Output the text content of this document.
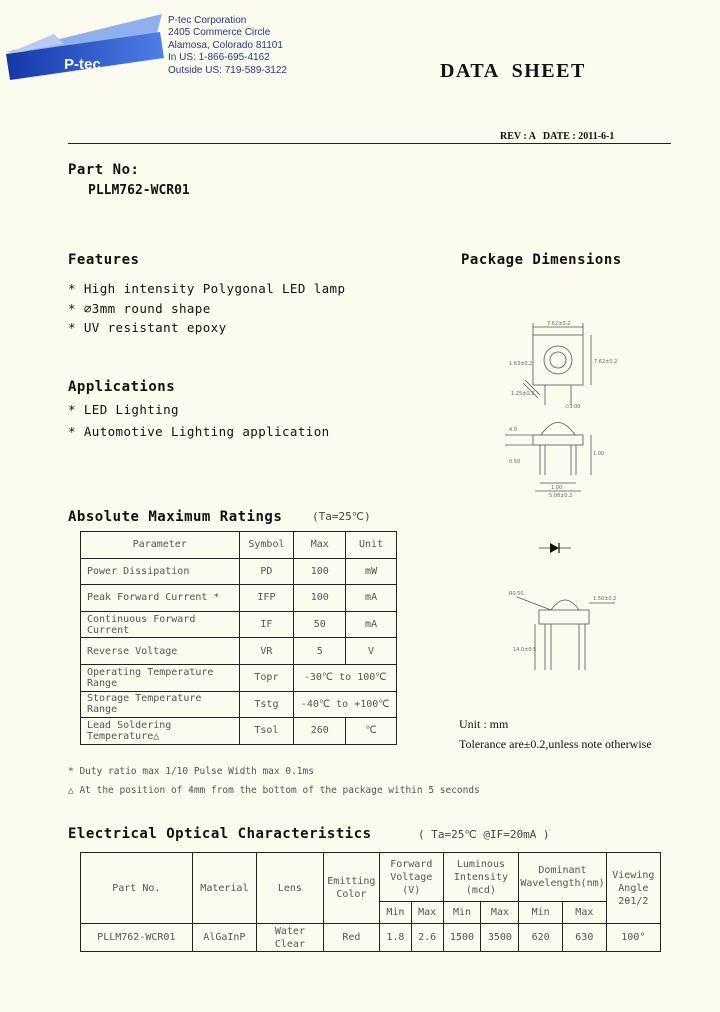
P-tec
P-tec Corporation
2405 Commerce Circle
Alamosa, Colorado 81101
In US: 1-866-695-4162
Outside US: 719-589-3122	DATA  SHEET
REV : A   DATE : 2011-6-1
Part No:
PLLM762-WCR01
Features
* High intensity Polygonal LED lamp
* ∅3mm round shape
* UV resistant epoxy
Package Dimensions
7.62±0.2
7.62±0.2
1.63±0.2
1.25±0.2
∅3.00
4.0
0.50
1.00
1.00
5.08±0.2
R0.50
1.50±0.2
14.0±0.5
Unit : mm
Tolerance are±0.2,unless note otherwise
Applications
* LED Lighting
* Automotive Lighting application
Absolute Maximum Ratings	(Ta=25℃)
Parameter	Symbol	Max	Unit
Power Dissipation	PD	100	mW
Peak Forward Current *	IFP	100	mA
Continuous Forward Current	IF	50	mA
Reverse Voltage	VR	5	V
Operating Temperature Range	Topr	-30℃ to 100℃	
Storage Temperature Range	Tstg	-40℃ to +100℃	
Lead Soldering Temperature△	Tsol	260	℃
* Duty ratio max 1/10 Pulse Width max 0.1ms
△ At the position of 4mm from the bottom of the package within 5 seconds
Electrical Optical Characteristics	( Ta=25℃ @IF=20mA )
Part No.	Material	Lens	Emitting Color	Forward Voltage (V)		Luminous Intensity (mcd)		Dominant Wavelength(nm)		Viewing Angle 2θ1/2
				Min	Max	Min	Max	Min	Max	
PLLM762-WCR01	AlGaInP	Water Clear	Red	1.8	2.6	1500	3500	620	630	100°
